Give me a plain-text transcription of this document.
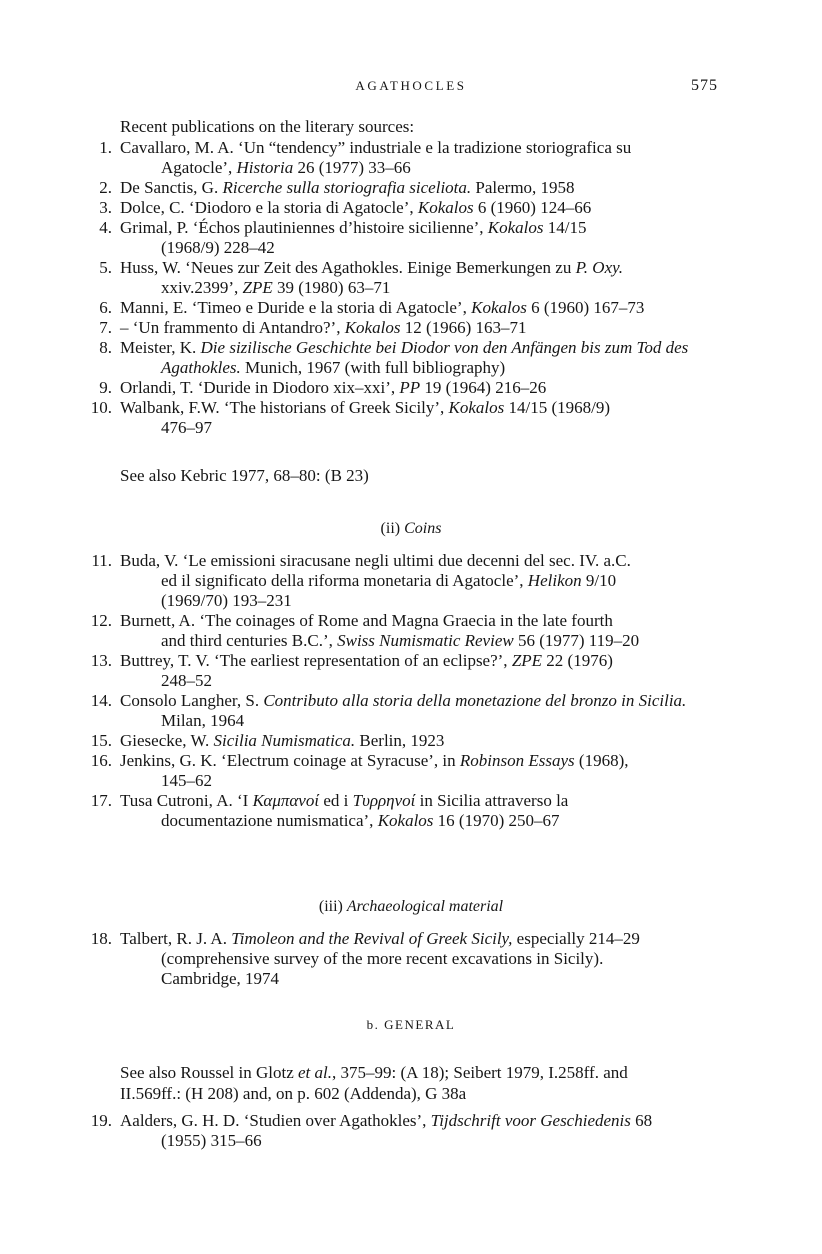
AGATHOCLES	575
Recent publications on the literary sources:
1. Cavallaro, M. A. ‘Un “tendency” industriale e la tradizione storiografica su
Agatocle’, Historia 26 (1977) 33–66
2. De Sanctis, G. Ricerche sulla storiografia siceliota. Palermo, 1958
3. Dolce, C. ‘Diodoro e la storia di Agatocle’, Kokalos 6 (1960) 124–66
4. Grimal, P. ‘Échos plautiniennes d’histoire sicilienne’, Kokalos 14/15
(1968/9) 228–42
5. Huss, W. ‘Neues zur Zeit des Agathokles. Einige Bemerkungen zu P. Oxy.
xxiv.2399’, ZPE 39 (1980) 63–71
6. Manni, E. ‘Timeo e Duride e la storia di Agatocle’, Kokalos 6 (1960) 167–73
7. – ‘Un frammento di Antandro?’, Kokalos 12 (1966) 163–71
8. Meister, K. Die sizilische Geschichte bei Diodor von den Anfängen bis zum Tod des
Agathokles. Munich, 1967 (with full bibliography)
9. Orlandi, T. ‘Duride in Diodoro xix–xxi’, PP 19 (1964) 216–26
10. Walbank, F.W. ‘The historians of Greek Sicily’, Kokalos 14/15 (1968/9)
476–97
See also Kebric 1977, 68–80: (B 23)
(ii) Coins
11. Buda, V. ‘Le emissioni siracusane negli ultimi due decenni del sec. IV. a.C.
ed il significato della riforma monetaria di Agatocle’, Helikon 9/10
(1969/70) 193–231
12. Burnett, A. ‘The coinages of Rome and Magna Graecia in the late fourth
and third centuries B.C.’, Swiss Numismatic Review 56 (1977) 119–20
13. Buttrey, T. V. ‘The earliest representation of an eclipse?’, ZPE 22 (1976)
248–52
14. Consolo Langher, S. Contributo alla storia della monetazione del bronzo in Sicilia.
Milan, 1964
15. Giesecke, W. Sicilia Numismatica. Berlin, 1923
16. Jenkins, G. K. ‘Electrum coinage at Syracuse’, in Robinson Essays (1968),
145–62
17. Tusa Cutroni, A. ‘I Καμπανοί ed i Τυρρηνοί in Sicilia attraverso la
documentazione numismatica’, Kokalos 16 (1970) 250–67
(iii) Archaeological material
18. Talbert, R. J. A. Timoleon and the Revival of Greek Sicily, especially 214–29
(comprehensive survey of the more recent excavations in Sicily).
Cambridge, 1974
b. GENERAL
See also Roussel in Glotz et al., 375–99: (A 18); Seibert 1979, I.258ff. and
II.569ff.: (H 208) and, on p. 602 (Addenda), G 38a
19. Aalders, G. H. D. ‘Studien over Agathokles’, Tijdschrift voor Geschiedenis 68
(1955) 315–66
